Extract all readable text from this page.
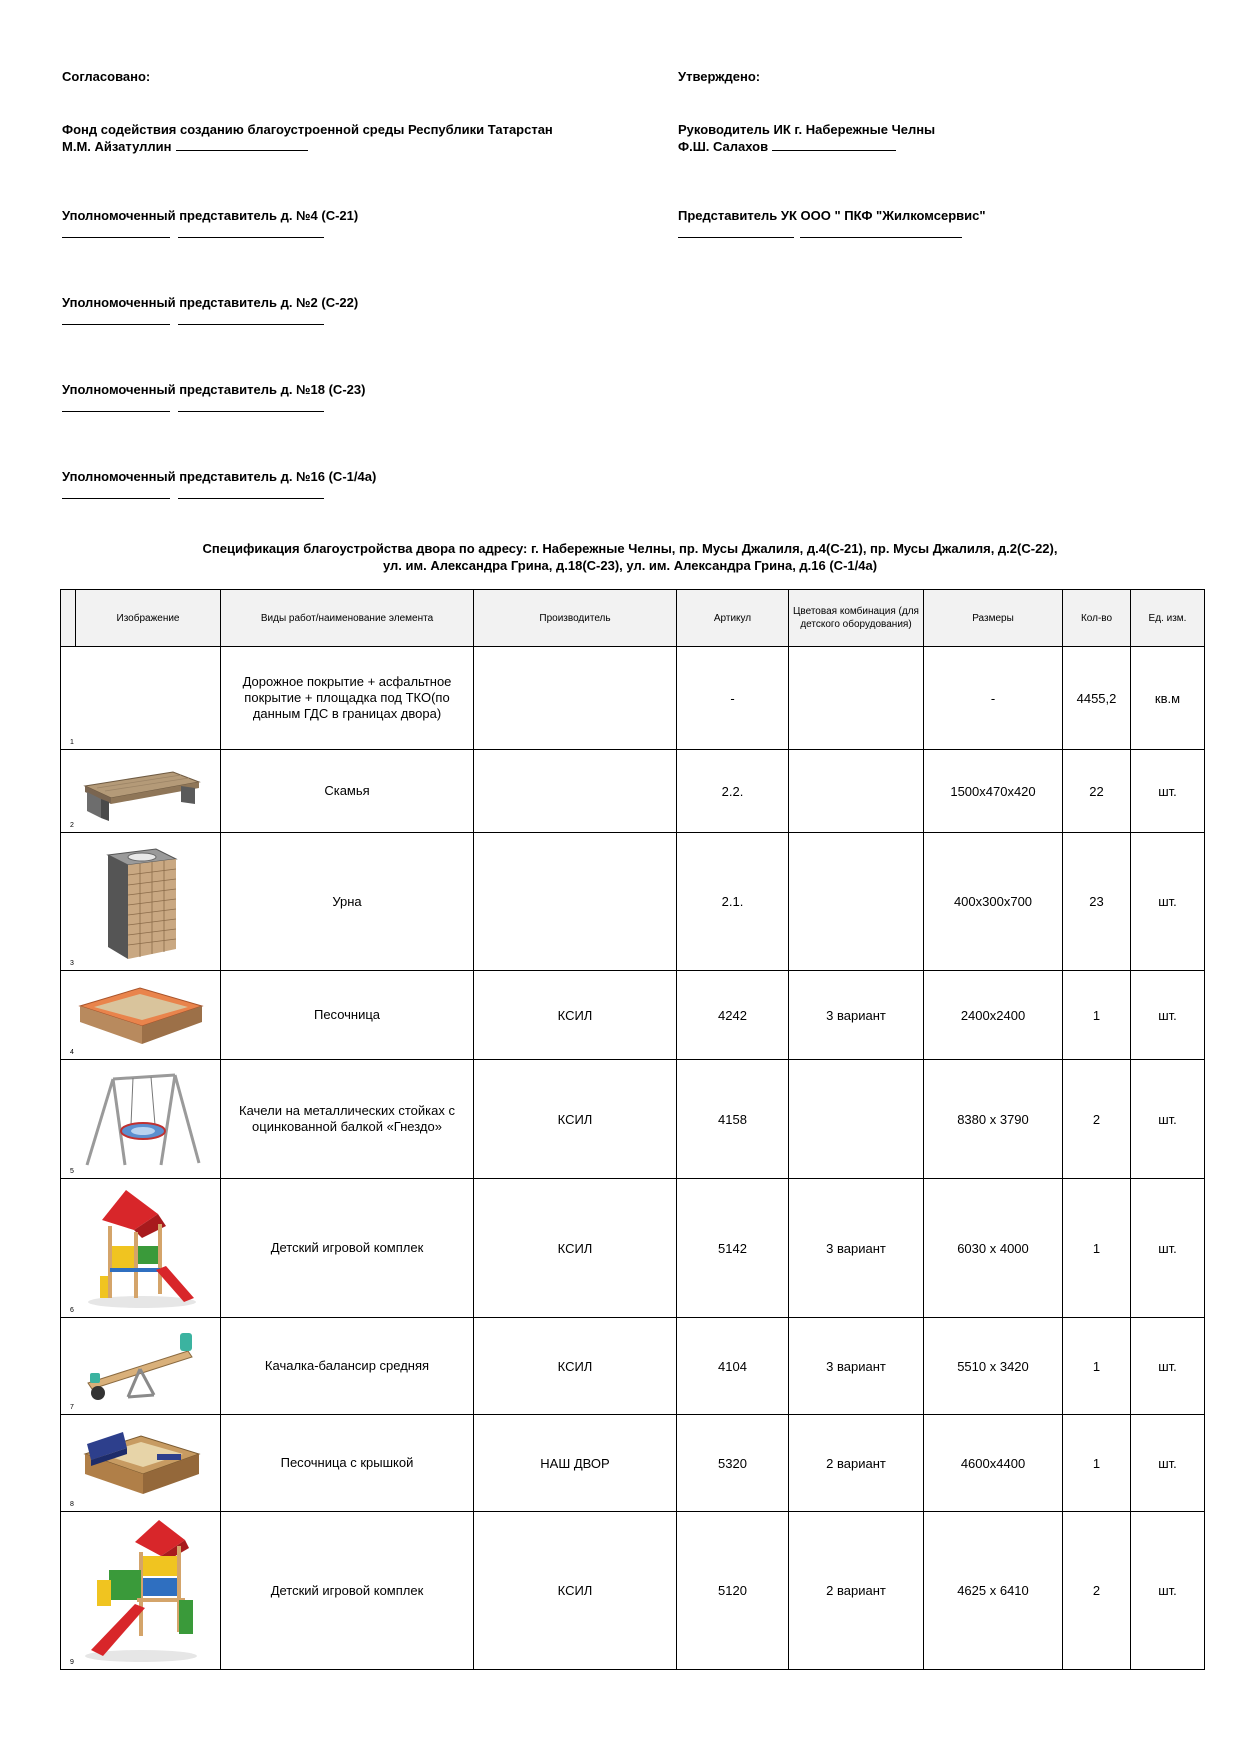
Согласовано:	Утверждено:
Фонд содействия созданию благоустроенной среды Республики Татарстан
М.М. Айзатуллин
Руководитель ИК г. Набережные Челны
Ф.Ш. Салахов
Уполномоченный представитель д. №4 (С-21)	Представитель УК ООО " ПКФ "Жилкомсервис"
Уполномоченный представитель д. №2 (С-22)
Уполномоченный представитель д. №18 (С-23)
Уполномоченный представитель д. №16 (С-1/4а)
Спецификация благоустройства двора по адресу: г. Набережные Челны, пр. Мусы Джалиля, д.4(С-21), пр. Мусы Джалиля, д.2(С-22),
ул. им. Александра Грина, д.18(С-23), ул. им. Александра Грина, д.16 (С-1/4а)
	Изображение	Виды работ/наименование элемента	Производитель	Артикул	Цветовая комбинация (для детского оборудования)	Размеры	Кол-во	Ед. изм.

1		Дорожное покрытие + асфальтное покрытие + площадка под ТКО(по данным ГДС в границах двора)		-		-	4455,2	кв.м

2		Скамья		2.2.		1500х470х420	22	шт.

3		Урна		2.1.		400х300х700	23	шт.

4		Песочница	КСИЛ	4242	3 вариант	2400х2400	1	шт.

5		Качели на металлических стойках с оцинкованной балкой «Гнездо»	КСИЛ	4158		8380 х 3790	2	шт.

6		Детский игровой комплек	КСИЛ	5142	3 вариант	6030 х 4000	1	шт.

7		Качалка-балансир средняя	КСИЛ	4104	3 вариант	5510 х 3420	1	шт.

8		Песочница с крышкой	НАШ ДВОР	5320	2 вариант	4600х4400	1	шт.

9		Детский игровой комплек	КСИЛ	5120	2 вариант	4625 х 6410	2	шт.
